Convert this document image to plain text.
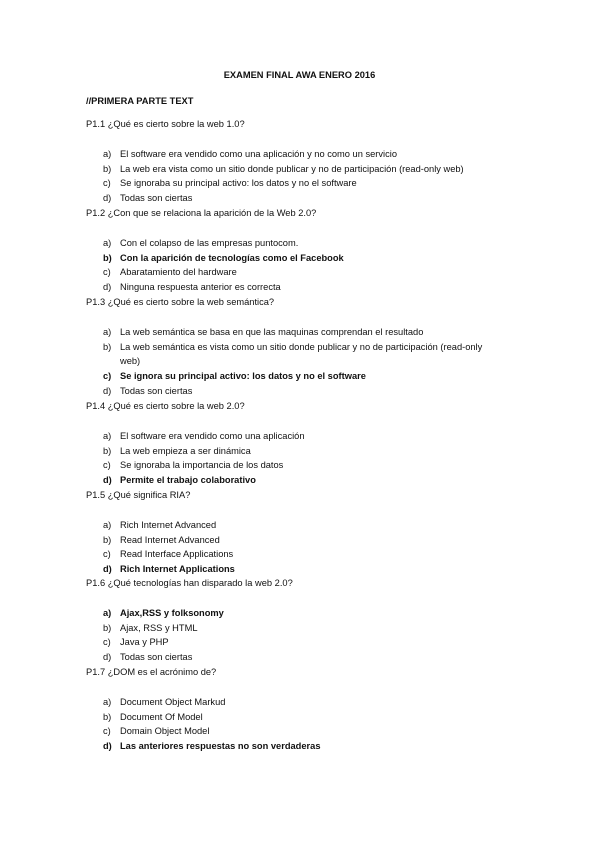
EXAMEN FINAL AWA ENERO 2016
//PRIMERA PARTE TEXT
P1.1 ¿Qué es cierto sobre la web 1.0?
a) El software era vendido como una aplicación y no como un servicio
b) La web era vista como un sitio donde publicar y no de participación (read-only web)
c) Se ignoraba su principal activo: los datos y no el software
d) Todas son ciertas
P1.2 ¿Con que se relaciona la aparición de la Web 2.0?
a) Con el colapso de las empresas puntocom.
b) Con la aparición de tecnologías como el Facebook
c) Abaratamiento del hardware
d) Ninguna respuesta anterior es correcta
P1.3 ¿Qué es cierto sobre la web semántica?
a) La web semántica se basa en que las maquinas comprendan el resultado
b) La web semántica es vista como un sitio donde publicar y no de participación (read-only web)
c) Se ignora su principal activo: los datos y no el software
d) Todas son ciertas
P1.4 ¿Qué es cierto sobre la web 2.0?
a) El software era vendido como una aplicación
b) La web empieza a ser dinámica
c) Se ignoraba la importancia de los datos
d) Permite el trabajo colaborativo
P1.5 ¿Qué significa RIA?
a) Rich Internet Advanced
b) Read Internet Advanced
c) Read Interface Applications
d) Rich Internet Applications
P1.6 ¿Qué tecnologías han disparado la web 2.0?
a) Ajax,RSS y folksonomy
b) Ajax, RSS y HTML
c) Java y PHP
d) Todas son ciertas
P1.7 ¿DOM es el acrónimo de?
a) Document Object Markud
b) Document Of Model
c) Domain Object Model
d) Las anteriores respuestas no son verdaderas
